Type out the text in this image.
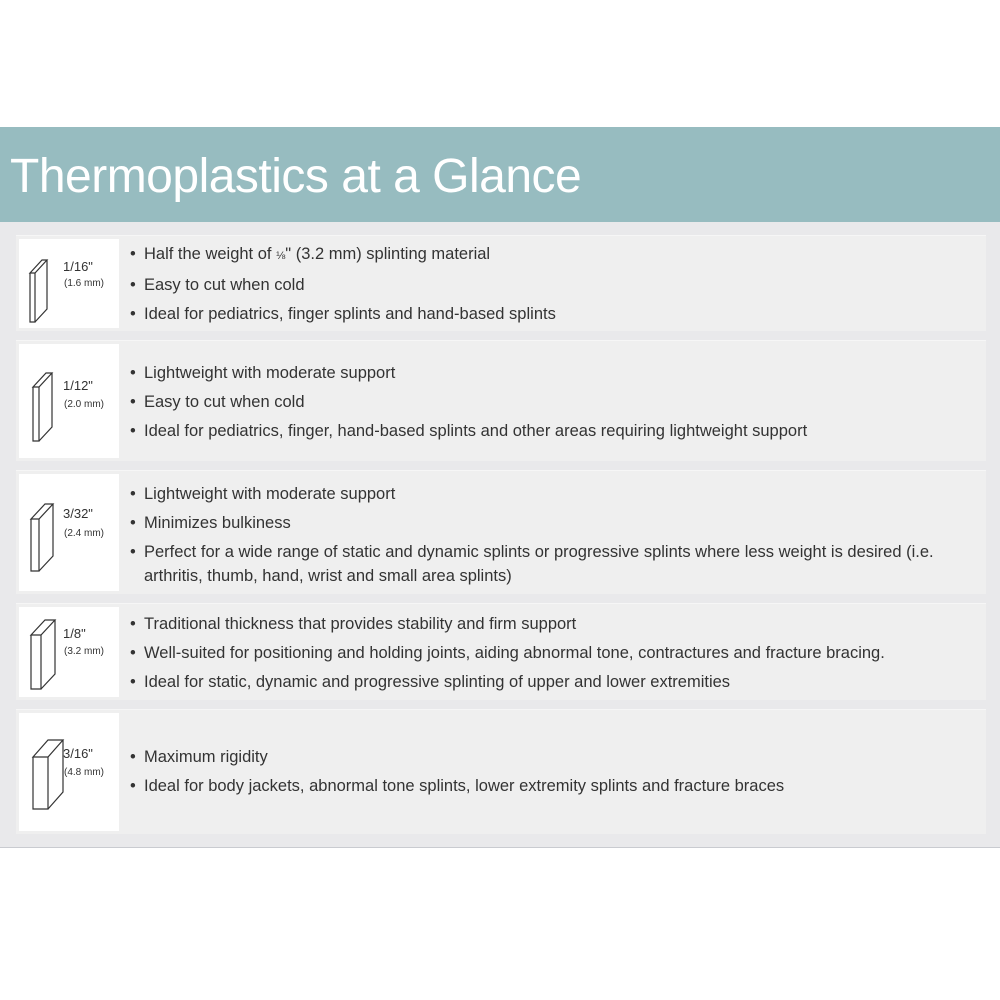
Thermoplastics at a Glance
1/16"
(1.6 mm)
• Half the weight of ⅛" (3.2 mm) splinting material
• Easy to cut when cold
• Ideal for pediatrics, finger splints and hand-based splints
1/12"
(2.0 mm)
• Lightweight with moderate support
• Easy to cut when cold
• Ideal for pediatrics, finger, hand-based splints and other areas requiring lightweight support
3/32"
(2.4 mm)
• Lightweight with moderate support
• Minimizes bulkiness
• Perfect for a wide range of static and dynamic splints or progressive splints where less weight is desired (i.e. arthritis, thumb, hand, wrist and small area splints)
1/8"
(3.2 mm)
• Traditional thickness that provides stability and firm support
• Well-suited for positioning and holding joints, aiding abnormal tone, contractures and fracture bracing.
• Ideal for static, dynamic and progressive splinting of upper and lower extremities
3/16"
(4.8 mm)
• Maximum rigidity
• Ideal for body jackets, abnormal tone splints, lower extremity splints and fracture braces
